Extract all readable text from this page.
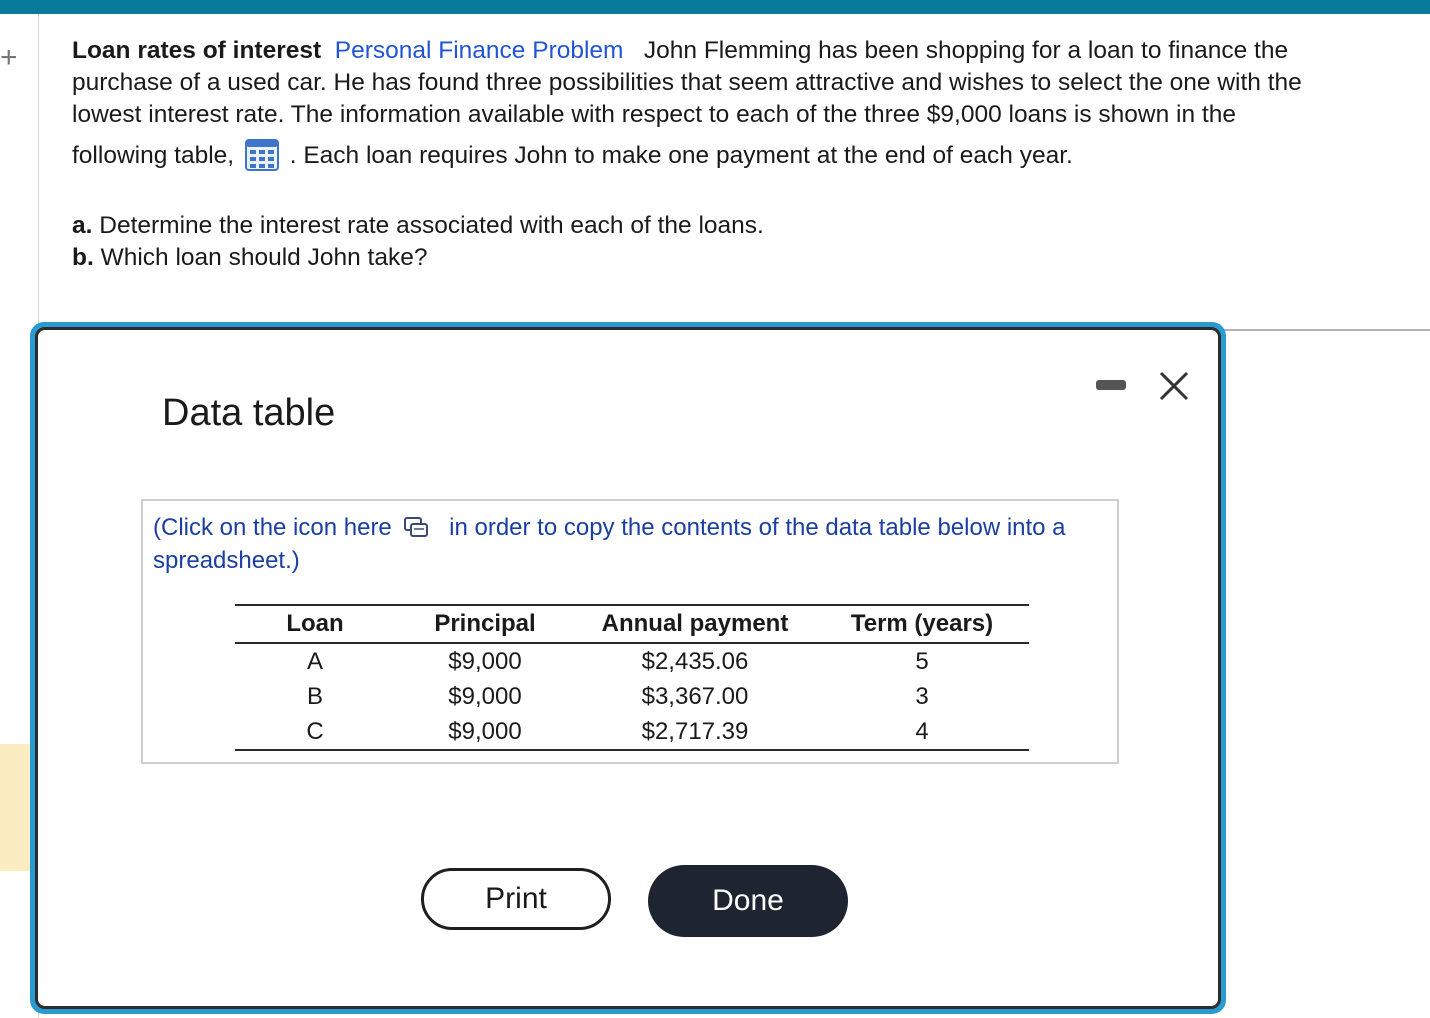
+ Loan rates of interest Personal Finance Problem John Flemming has been shopping for a loan to finance the
purchase of a used car. He has found three possibilities that seem attractive and wishes to select the one with the
lowest interest rate. The information available with respect to each of the three $9,000 loans is shown in the
following table, . Each loan requires John to make one payment at the end of each year.
a. Determine the interest rate associated with each of the loans.
b. Which loan should John take?
Data table
(Click on the icon here in order to copy the contents of the data table below into a spreadsheet.)
Loan	Principal	Annual payment	Term (years)
A	$9,000	$2,435.06	5
B	$9,000	$3,367.00	3
C	$9,000	$2,717.39	4
Print	Done
